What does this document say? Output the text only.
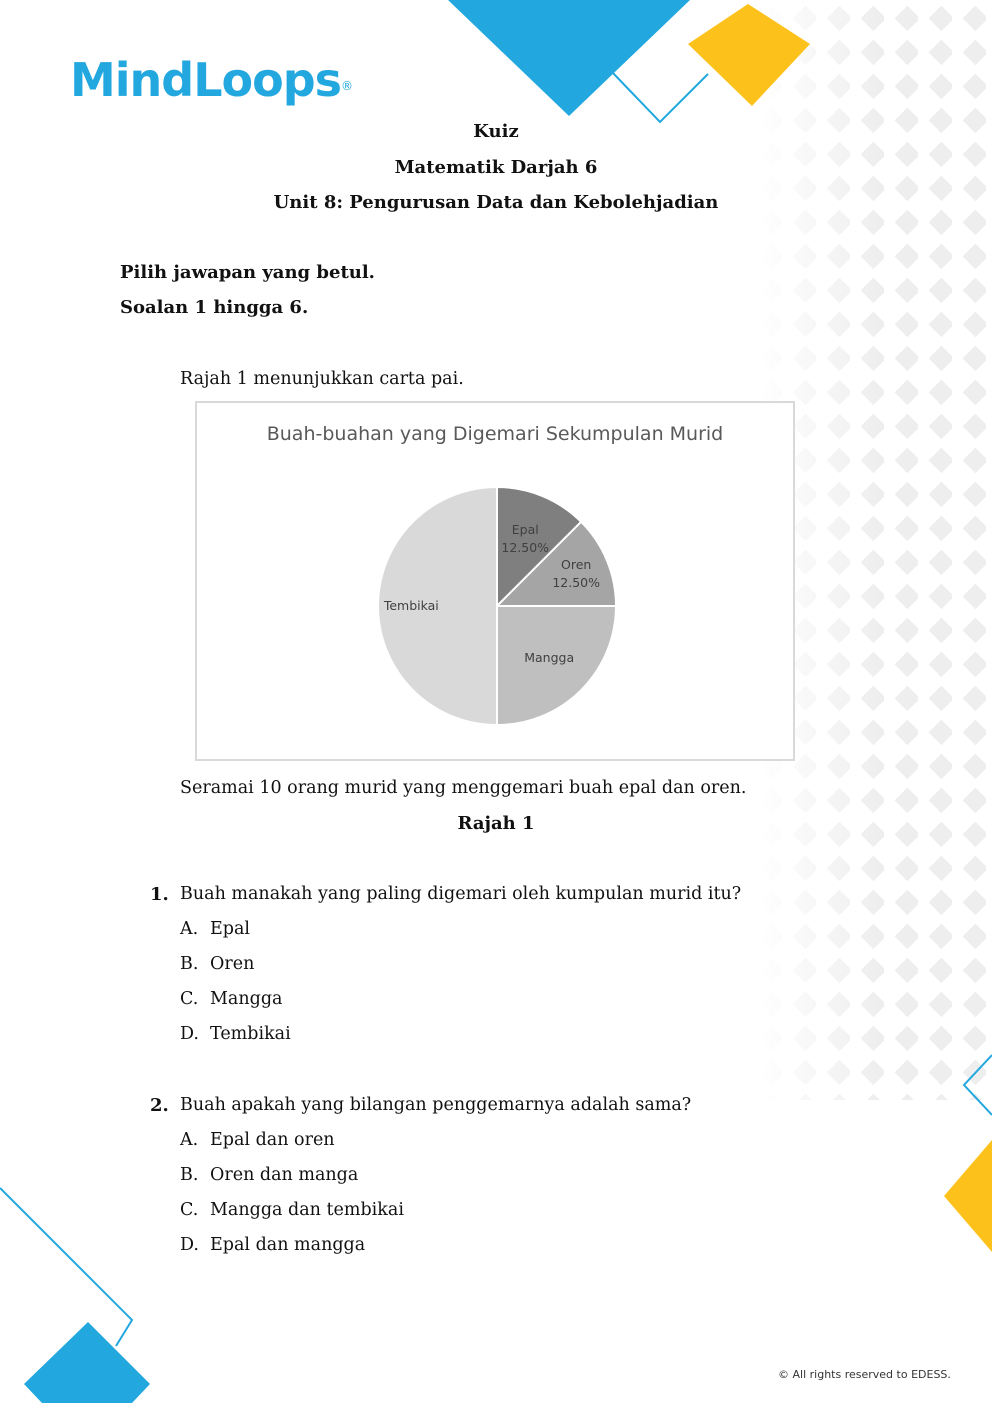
MindLoops®
Kuiz
Matematik Darjah 6
Unit 8: Pengurusan Data dan Kebolehjadian
Pilih jawapan yang betul.
Soalan 1 hingga 6.
Rajah 1 menunjukkan carta pai.
Buah-buahan yang Digemari Sekumpulan Murid
Epal
12.50%
Oren
12.50%
Mangga
Tembikai
Seramai 10 orang murid yang menggemari buah epal dan oren.
Rajah 1
1. Buah manakah yang paling digemari oleh kumpulan murid itu?
A. Epal
B. Oren
C. Mangga
D. Tembikai
2. Buah apakah yang bilangan penggemarnya adalah sama?
A. Epal dan oren
B. Oren dan manga
C. Mangga dan tembikai
D. Epal dan mangga
© All rights reserved to EDESS.
